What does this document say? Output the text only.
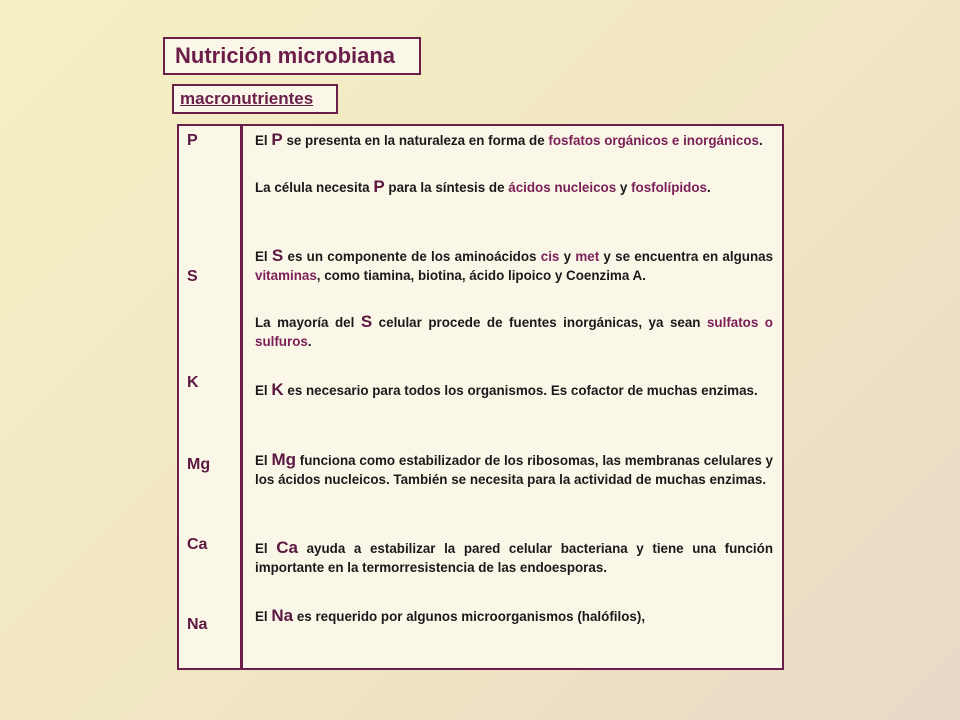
Nutrición microbiana
macronutrientes
P
S
K
Mg
Ca
Na
El P se presenta en la naturaleza en forma de fosfatos orgánicos e inorgánicos.
La célula necesita P para la síntesis de ácidos nucleicos y fosfolípidos.
El S es un componente de los aminoácidos cis y met y se encuentra en algunas vitaminas, como tiamina, biotina, ácido lipoico y Coenzima A.
La mayoría del S celular procede de fuentes inorgánicas, ya sean sulfatos o sulfuros.
El K es necesario para todos los organismos. Es cofactor de muchas enzimas.
El Mg funciona como estabilizador de los ribosomas, las membranas celulares y los ácidos nucleicos. También se necesita para la actividad de muchas enzimas.
El Ca ayuda a estabilizar la pared celular bacteriana y tiene una función importante en la termorresistencia de las endoesporas.
El Na es requerido por algunos microorganismos (halófilos),
